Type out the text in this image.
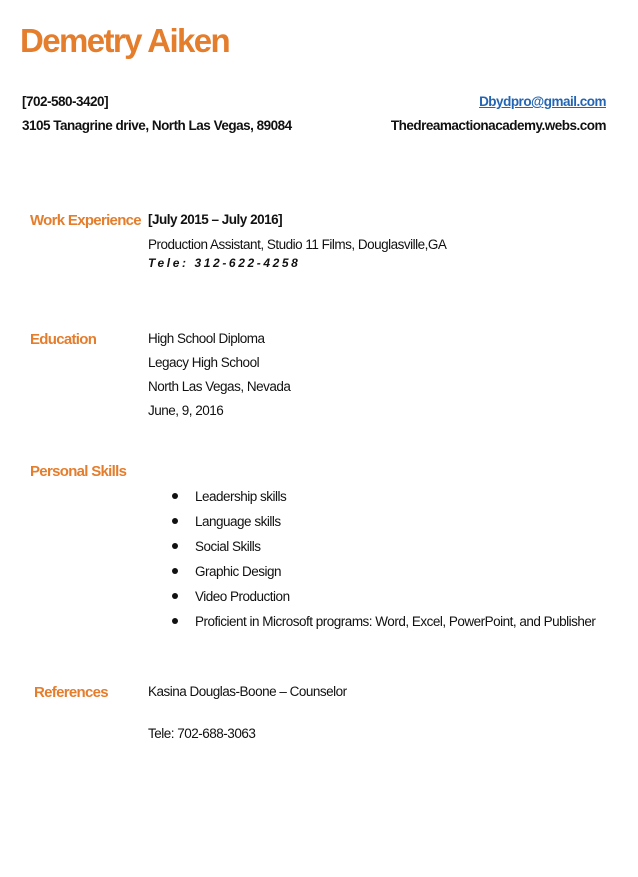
Demetry Aiken
[702-580-3420]
3105 Tanagrine drive, North Las Vegas, 89084
Dbydpro@gmail.com
Thedreamactionacademy.webs.com
Work Experience [July 2015 – July 2016]
Production Assistant, Studio 11 Films, Douglasville,GA
Tele: 312-622-4258
Education	High School Diploma
Legacy High School
North Las Vegas, Nevada
June, 9, 2016
Personal Skills
Leadership skills
Language skills
Social Skills
Graphic Design
Video Production
Proficient in Microsoft programs: Word, Excel, PowerPoint, and Publisher
References	Kasina Douglas-Boone – Counselor
Tele: 702-688-3063
